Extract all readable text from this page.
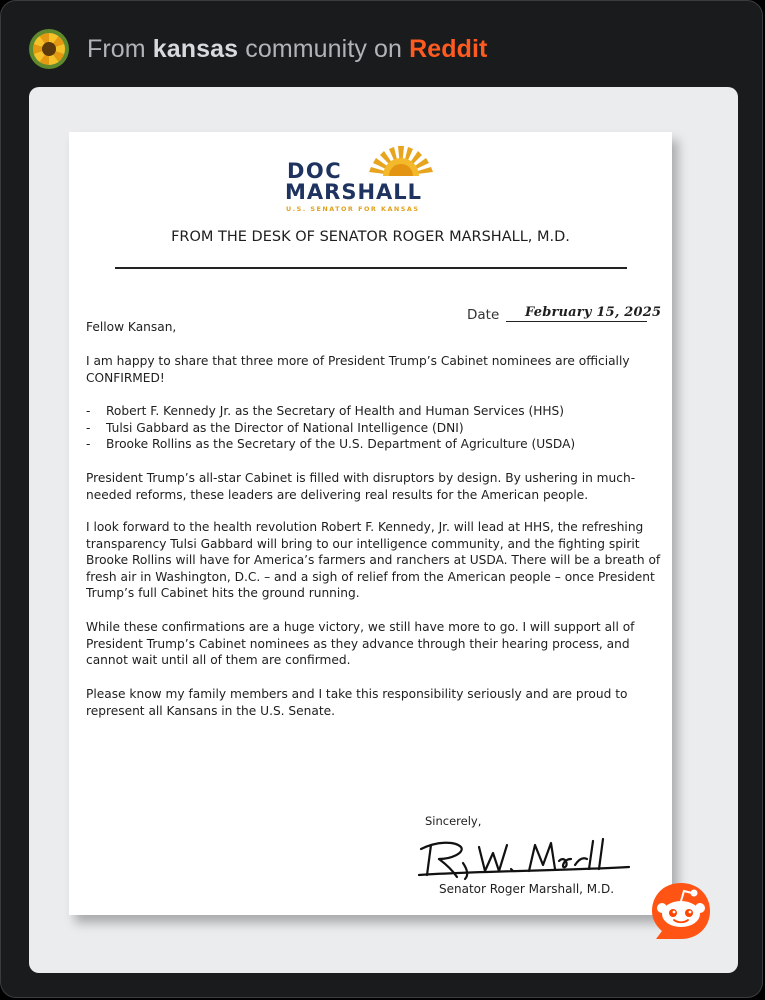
From kansas community on Reddit
DOC
MARSHALL
U.S. SENATOR FOR KANSAS
FROM THE DESK OF SENATOR ROGER MARSHALL, M.D.
Date February 15, 2025
Fellow Kansan,
I am happy to share that three more of President Trump’s Cabinet nominees are officially CONFIRMED!
-	Robert F. Kennedy Jr. as the Secretary of Health and Human Services (HHS)
-	Tulsi Gabbard as the Director of National Intelligence (DNI)
-	Brooke Rollins as the Secretary of the U.S. Department of Agriculture (USDA)
President Trump’s all-star Cabinet is filled with disruptors by design. By ushering in much-needed reforms, these leaders are delivering real results for the American people.
I look forward to the health revolution Robert F. Kennedy, Jr. will lead at HHS, the refreshing transparency Tulsi Gabbard will bring to our intelligence community, and the fighting spirit Brooke Rollins will have for America’s farmers and ranchers at USDA. There will be a breath of fresh air in Washington, D.C. – and a sigh of relief from the American people – once President Trump’s full Cabinet hits the ground running.
While these confirmations are a huge victory, we still have more to go. I will support all of President Trump’s Cabinet nominees as they advance through their hearing process, and cannot wait until all of them are confirmed.
Please know my family members and I take this responsibility seriously and are proud to represent all Kansans in the U.S. Senate.
Sincerely,
Senator Roger Marshall, M.D.
